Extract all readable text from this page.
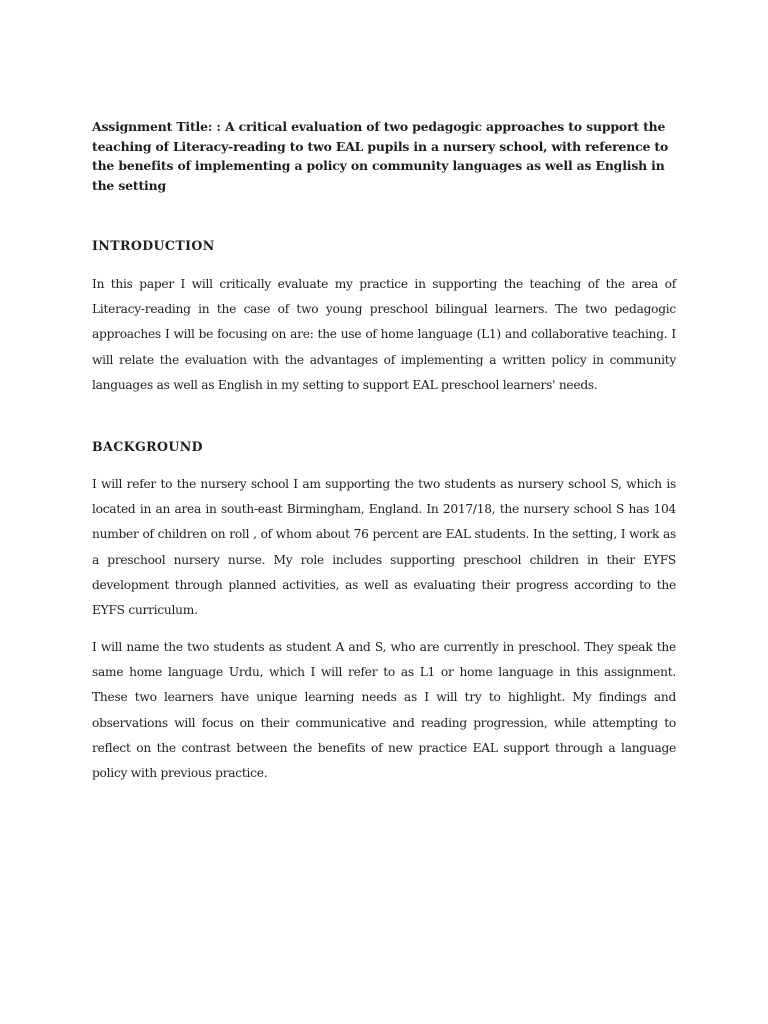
Assignment Title: : A critical evaluation of two pedagogic approaches to support the teaching of Literacy-reading to two EAL pupils in a nursery school, with reference to the benefits of implementing a policy on community languages as well as English in the setting

INTRODUCTION

In this paper I will critically evaluate my practice in supporting the teaching of the area of Literacy-reading in the case of two young preschool bilingual learners. The two pedagogic approaches I will be focusing on are: the use of home language (L1) and collaborative teaching. I will relate the evaluation with the advantages of implementing a written policy in community languages as well as English in my setting to support EAL preschool learners' needs.

BACKGROUND

I will refer to the nursery school I am supporting the two students as nursery school S, which is located in an area in south-east Birmingham, England. In 2017/18, the nursery school S has 104 number of children on roll , of whom about 76 percent are EAL students. In the setting, I work as a preschool nursery nurse. My role includes supporting preschool children in their EYFS development through planned activities, as well as evaluating their progress according to the EYFS curriculum.

I will name the two students as student A and S, who are currently in preschool. They speak the same home language Urdu, which I will refer to as L1 or home language in this assignment. These two learners have unique learning needs as I will try to highlight. My findings and observations will focus on their communicative and reading progression, while attempting to reflect on the contrast between the benefits of new practice EAL support through a language policy with previous practice.
